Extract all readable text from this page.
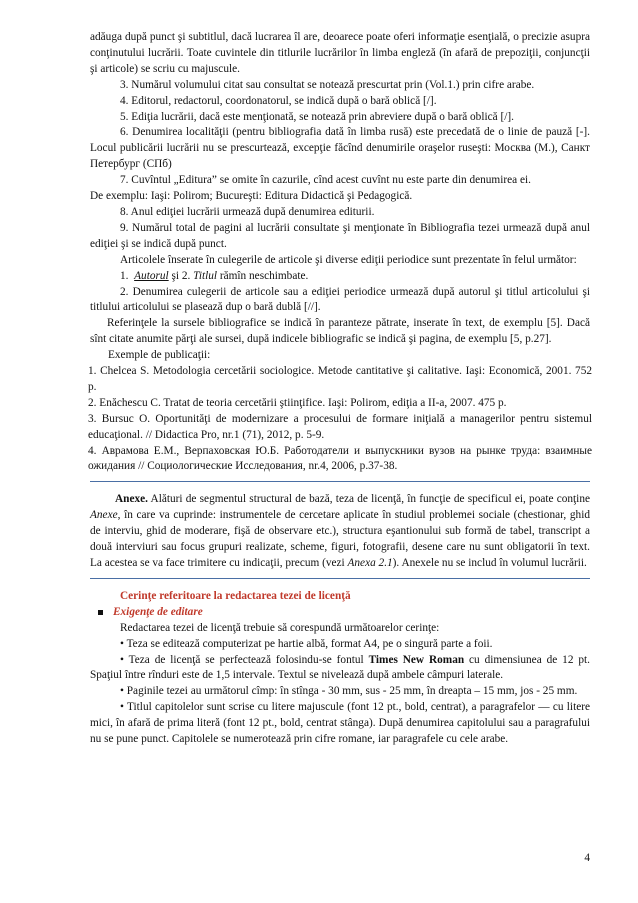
adăuga după punct şi subtitlul, dacă lucrarea îl are, deoarece poate oferi informaţie esenţială, o precizie asupra conţinutului lucrării. Toate cuvintele din titlurile lucrărilor în limba engleză (în afară de prepoziţii, conjuncţii şi articole) se scriu cu majuscule.

3. Numărul volumului citat sau consultat se notează prescurtat prin (Vol.1.) prin cifre arabe.

4. Editorul, redactorul, coordonatorul, se indică după o bară oblică [/].

5. Ediţia lucrării, dacă este menţionată, se notează prin abreviere după o bară oblică [/].

6. Denumirea localităţii (pentru bibliografia dată în limba rusă) este precedată de o linie de pauză [-]. Locul publicării lucrării nu se prescurtează, excepţie făcînd denumirile oraşelor ruseşti: Москва (М.), Санкт Петербург (СПб)

7. Cuvîntul „Editura” se omite în cazurile, cînd acest cuvînt nu este parte din denumirea ei.

De exemplu: Iaşi: Polirom; Bucureşti: Editura Didactică şi Pedagogică.

8. Anul ediţiei lucrării urmează după denumirea editurii.

9. Numărul total de pagini al lucrării consultate şi menţionate în Bibliografia tezei urmează după anul ediţiei şi se indică după punct.

Articolele înserate în culegerile de articole şi diverse ediţii periodice sunt prezentate în felul următor:

1. Autorul şi 2. Titlul rămîn neschimbate.

2. Denumirea culegerii de articole sau a ediţiei periodice urmează după autorul şi titlul articolului şi titlului articolului se plasează dup o bară dublă [//].

Referinţele la sursele bibliografice se indică în paranteze pătrate, inserate în text, de exemplu [5]. Dacă sînt citate anumite părţi ale sursei, după indicele bibliografic se indică şi pagina, de exemplu [5, p.27].

Exemple de publicaţii:

1. Chelcea S. Metodologia cercetării sociologice. Metode cantitative şi calitative. Iaşi: Economică, 2001. 752 p.

2. Enăchescu C. Tratat de teoria cercetării ştiinţifice. Iaşi: Polirom, ediţia a II-a, 2007. 475 p.

3. Bursuc O. Oportunităţi de modernizare a procesului de formare iniţială a managerilor pentru sistemul educaţional. // Didactica Pro, nr.1 (71), 2012, p. 5-9.

4. Аврамова Е.М., Верпаховская Ю.Б. Работодатели и выпускники вузов на рынке труда: взаимные ожидания // Социологические Исследования, nr.4, 2006, p.37-38.

Anexe. Alături de segmentul structural de bază, teza de licenţă, în funcţie de specificul ei, poate conţine Anexe, în care va cuprinde: instrumentele de cercetare aplicate în studiul problemei sociale (chestionar, ghid de interviu, ghid de moderare, fişă de observare etc.), structura eşantionului sub formă de tabel, transcript a două interviuri sau focus grupuri realizate, scheme, figuri, fotografii, desene care nu sunt obligatorii în text. La acestea se va face trimitere cu indicaţii, precum (vezi Anexa 2.1). Anexele nu se includ în volumul lucrării.

Cerinţe referitoare la redactarea tezei de licenţă

Exigenţe de editare

Redactarea tezei de licenţă trebuie să corespundă următoarelor cerinţe:

• Teza se editează computerizat pe hartie albă, format A4, pe o singură parte a foii.

• Teza de licenţă se perfectează folosindu-se fontul Times New Roman cu dimensiunea de 12 pt. Spaţiul între rînduri este de 1,5 intervale. Textul se nivelează după ambele câmpuri laterale.

• Paginile tezei au următorul cîmp: în stînga - 30 mm, sus - 25 mm, în dreapta – 15 mm, jos - 25 mm.

• Titlul capitolelor sunt scrise cu litere majuscule (font 12 pt., bold, centrat), a paragrafelor — cu litere mici, în afară de prima literă (font 12 pt., bold, centrat stânga). După denumirea capitolului sau a paragrafului nu se pune punct. Capitolele se numerotează prin cifre romane, iar paragrafele cu cele arabe.

4
